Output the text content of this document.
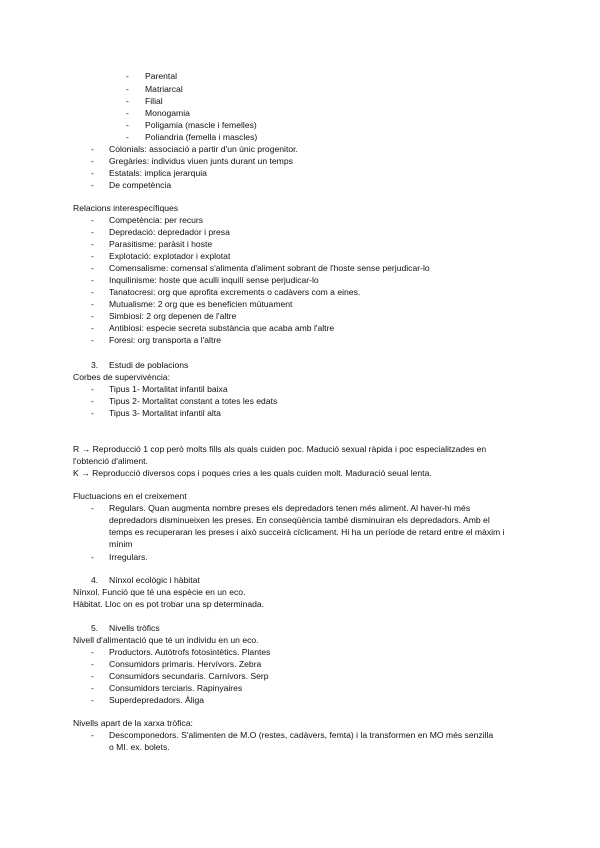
- Parental
- Matriarcal
- Filial
- Monogamia
- Poligamia (mascle i femelles)
- Poliandria (femella i mascles)
- Colonials: associació a partir d'un únic progenitor.
- Gregàries: individus viuen junts durant un temps
- Estatals: implica jerarquia
- De competència
Relacions interespecífiques
- Competència: per recurs
- Depredació: depredador i presa
- Parasitisme: paràsit i hoste
- Explotació: explotador i explotat
- Comensalisme: comensal s'alimenta d'aliment sobrant de l'hoste sense perjudicar-lo
- Inquilinisme: hoste que aculli inquilí sense perjudicar-lo
- Tanatocresi: org que aprofita excrements o cadàvers com a eines.
- Mutualisme: 2 org que es beneficien mútuament
- Simbiosi: 2 org depenen de l'altre
- Antibiosi: especie secreta substància que acaba amb l'altre
- Foresi: org transporta a l'altre
3. Estudi de poblacions
Corbes de supervivència:
- Tipus 1- Mortalitat infantil baixa
- Tipus 2- Mortalitat constant a totes les edats
- Tipus 3- Mortalitat infantil alta
R → Reproducció 1 cop però molts fills als quals cuiden poc. Madució sexual ràpida i poc especialitzades en
l'obtenció d'aliment.
K → Reproducció diversos cops i poques cries a les quals cuiden molt. Maduració seual lenta.
Fluctuacions en el creixement
- Regulars. Quan augmenta nombre preses els depredadors tenen més aliment. Al haver-hi més
depredadors disminueixen les preses. En conseqüència també disminuiran els depredadors. Amb el
temps es recuperaran les preses i això succeirà cíclicament. Hi ha un període de retard entre el màxim i
mínim
- Irregulars.
4. Nínxol ecològic i hàbitat
Nínxol. Funció que té una espècie en un eco.
Hàbitat. Lloc on es pot trobar una sp determinada.
5. Nivells tròfics
Nivell d'alimentació que té un individu en un eco.
- Productors. Autòtrofs fotosintètics. Plantes
- Consumidors primaris. Hervívors. Zebra
- Consumidors secundaris. Carnívors. Serp
- Consumidors terciaris. Rapinyaires
- Superdepredadors. Àliga
Nivells apart de la xarxa tròfica:
- Descomponedors. S'alimenten de M.O (restes, cadàvers, femta) i la transformen en MO més senzilla
o MI. ex. bolets.
